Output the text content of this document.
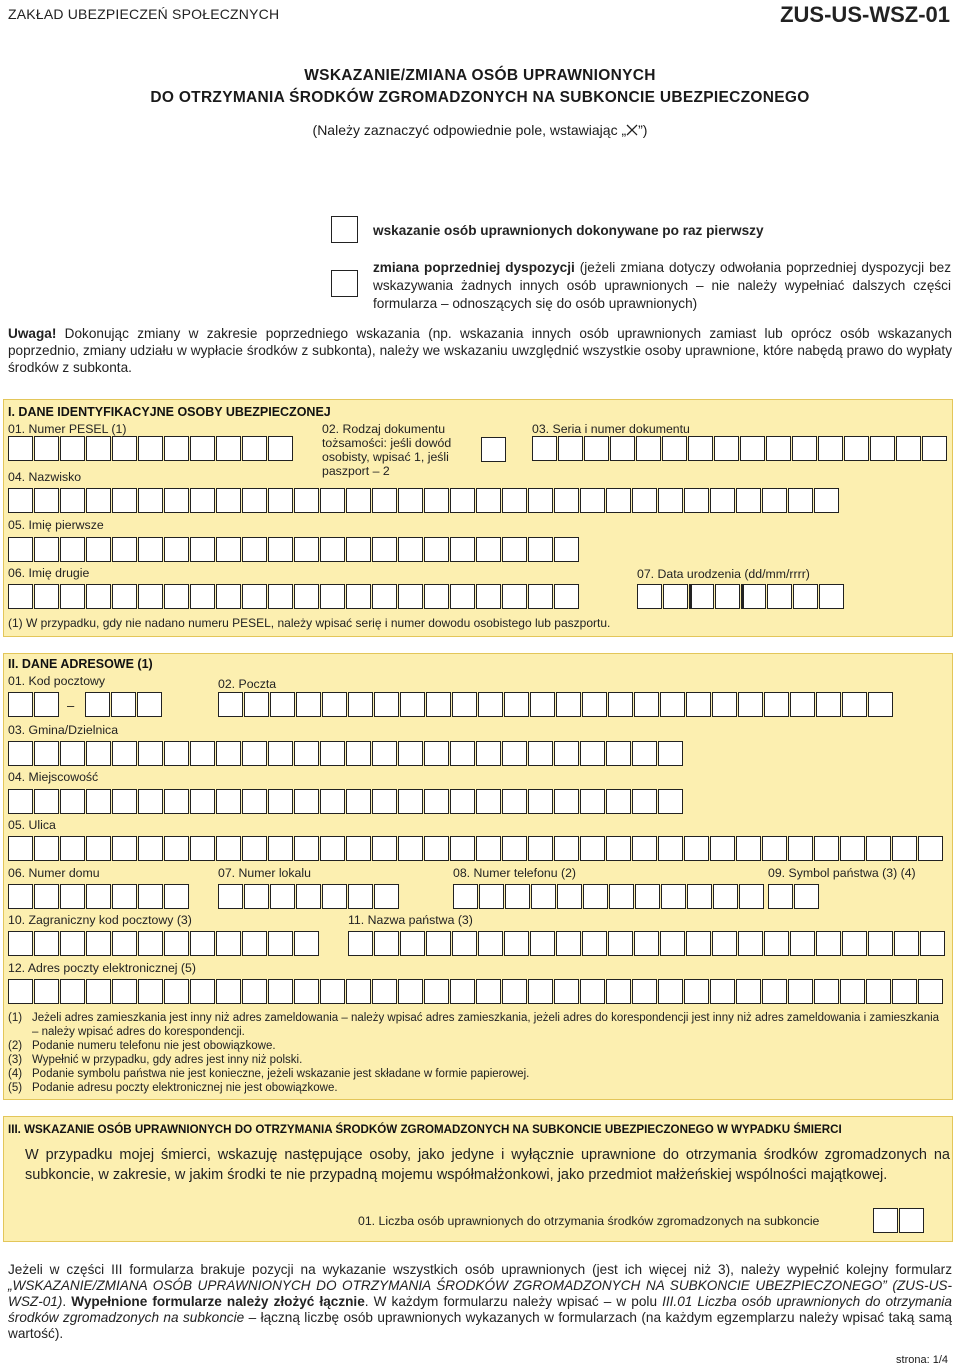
ZAKŁAD UBEZPIECZEŃ SPOŁECZNYCH	ZUS-US-WSZ-01
WSKAZANIE/ZMIANA OSÓB UPRAWNIONYCH
DO OTRZYMANIA ŚRODKÓW ZGROMADZONYCH NA SUBKONCIE UBEZPIECZONEGO
(Należy zaznaczyć odpowiednie pole, wstawiając „ ”)
wskazanie osób uprawnionych dokonywane po raz pierwszy
zmiana poprzedniej dyspozycji (jeżeli zmiana dotyczy odwołania poprzedniej dyspozycji bez wskazywania żadnych innych osób uprawnionych – nie należy wypełniać dalszych części formularza – odnoszących się do osób uprawnionych)
Uwaga! Dokonując zmiany w zakresie poprzedniego wskazania (np. wskazania innych osób uprawnionych zamiast lub oprócz osób wskazanych poprzednio, zmiany udziału w wypłacie środków z subkonta), należy we wskazaniu uwzględnić wszystkie osoby uprawnione, które nabędą prawo do wypłaty środków z subkonta.
I. DANE IDENTYFIKACYJNE OSOBY UBEZPIECZONEJ
01. Numer PESEL (1)	02. Rodzaj dokumentu
tożsamości: jeśli dowód
osobisty, wpisać 1, jeśli
paszport – 2
03. Seria i numer dokumentu
04. Nazwisko
05. Imię pierwsze
06. Imię drugie	07. Data urodzenia (dd/mm/rrrr)
(1) W przypadku, gdy nie nadano numeru PESEL, należy wpisać serię i numer dowodu osobistego lub paszportu.
II. DANE ADRESOWE (1)
01. Kod pocztowy	02. Poczta
–
03. Gmina/Dzielnica
04. Miejscowość
05. Ulica
06. Numer domu	07. Numer lokalu	08. Numer telefonu (2)	09. Symbol państwa (3) (4)
10. Zagraniczny kod pocztowy (3)	11. Nazwa państwa (3)
12. Adres poczty elektronicznej (5)
(1) Jeżeli adres zamieszkania jest inny niż adres zameldowania – należy wpisać adres zamieszkania, jeżeli adres do korespondencji jest inny niż adres zameldowania i zamieszkania – należy wpisać adres do korespondencji.
(2) Podanie numeru telefonu nie jest obowiązkowe.
(3) Wypełnić w przypadku, gdy adres jest inny niż polski.
(4) Podanie symbolu państwa nie jest konieczne, jeżeli wskazanie jest składane w formie papierowej.
(5) Podanie adresu poczty elektronicznej nie jest obowiązkowe.
III. WSKAZANIE OSÓB UPRAWNIONYCH DO OTRZYMANIA ŚRODKÓW ZGROMADZONYCH NA SUBKONCIE UBEZPIECZONEGO W WYPADKU ŚMIERCI
W przypadku mojej śmierci, wskazuję następujące osoby, jako jedyne i wyłącznie uprawnione do otrzymania środków zgromadzonych na subkoncie, w zakresie, w jakim środki te nie przypadną mojemu współmałżonkowi, jako przedmiot małżeńskiej wspólności majątkowej.
01. Liczba osób uprawnionych do otrzymania środków zgromadzonych na subkoncie
Jeżeli w części III formularza brakuje pozycji na wykazanie wszystkich osób uprawnionych (jest ich więcej niż 3), należy wypełnić kolejny formularz „WSKAZANIE/ZMIANA OSÓB UPRAWNIONYCH DO OTRZYMANIA ŚRODKÓW ZGROMADZONYCH NA SUBKONCIE UBEZPIECZONEGO” (ZUS-US-WSZ-01). Wypełnione formularze należy złożyć łącznie. W każdym formularzu należy wpisać – w polu III.01 Liczba osób uprawnionych do otrzymania środków zgromadzonych na subkoncie – łączną liczbę osób uprawnionych wykazanych w formularzach (na każdym egzemplarzu należy wpisać taką samą wartość).
strona: 1/4
